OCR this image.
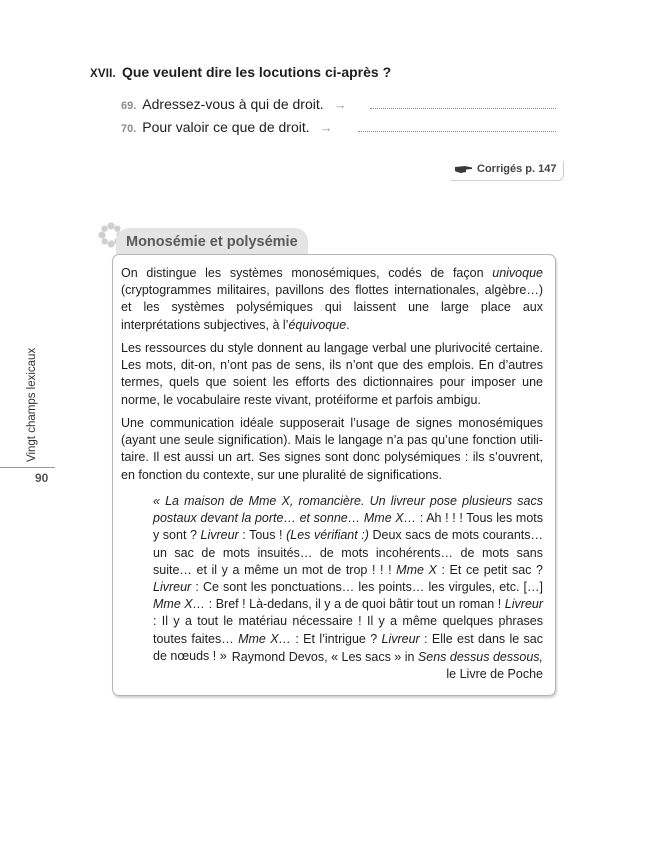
XVII. Que veulent dire les locutions ci-après ?
69. Adressez-vous à qui de droit. →
70. Pour valoir ce que de droit. →
Corrigés p. 147
Monosémie et polysémie

On distingue les systèmes monosémiques, codés de façon univoque (cryptogrammes militaires, pavillons des flottes internationales, algèbre…) et les systèmes polysémiques qui laissent une large place aux interprétations subjectives, à l’équivoque.

Les ressources du style donnent au langage verbal une plurivocité certaine. Les mots, dit-on, n’ont pas de sens, ils n’ont que des emplois. En d’autres termes, quels que soient les efforts des dictionnaires pour imposer une norme, le vocabulaire reste vivant, protéiforme et parfois ambigu.

Une communication idéale supposerait l’usage de signes monosémiques (ayant une seule signification). Mais le langage n’a pas qu’une fonction utilitaire. Il est aussi un art. Ses signes sont donc polysémiques : ils s’ouvrent, en fonction du contexte, sur une pluralité de significations.

« La maison de Mme X, romancière. Un livreur pose plusieurs sacs postaux devant la porte… et sonne… Mme X… : Ah ! ! ! Tous les mots y sont ? Livreur : Tous ! (Les vérifiant :) Deux sacs de mots courants… un sac de mots insuités… de mots incohérents… de mots sans suite… et il y a même un mot de trop ! ! ! Mme X : Et ce petit sac ? Livreur : Ce sont les ponctuations… les points… les virgules, etc. […] Mme X… : Bref ! Là-dedans, il y a de quoi bâtir tout un roman ! Livreur : Il y a tout le matériau nécessaire ! Il y a même quelques phrases toutes faites… Mme X… : Et l’intrigue ? Livreur : Elle est dans le sac de nœuds ! » Raymond Devos, « Les sacs » in Sens dessus dessous,
le Livre de Poche
Vingt champs lexicaux
90
